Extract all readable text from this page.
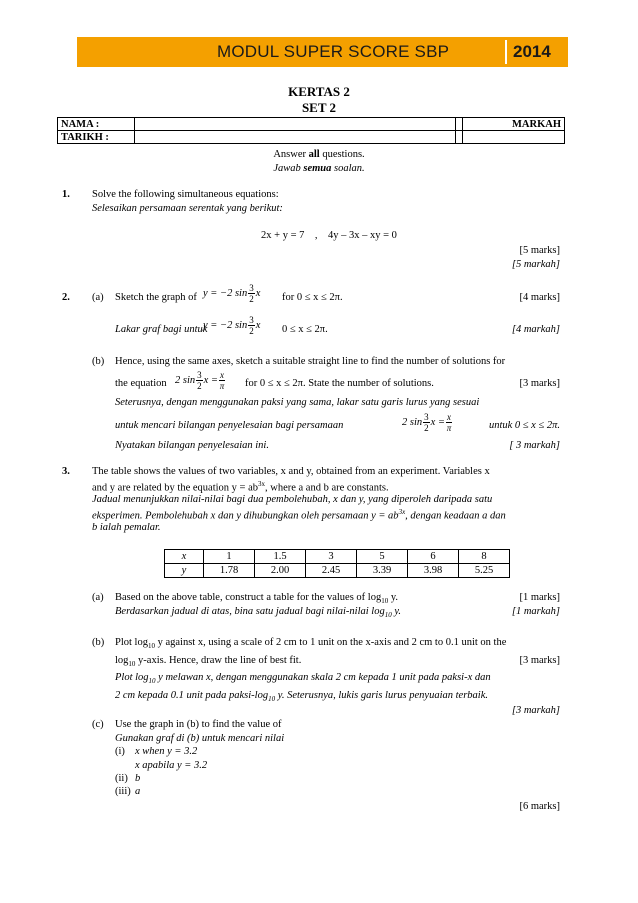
MODUL SUPER SCORE SBP	2014
KERTAS 2
SET 2
NAMA :			MARKAH
TARIKH :			
Answer all questions.
Jawab semua soalan.
1. Solve the following simultaneous equations:
Selesaikan persamaan serentak yang berikut:
2x + y = 7    ,    4y – 3x – xy = 0
[5 marks]
[5 markah]
2. (a) Sketch the graph of y = −2 $\sin \frac{3}{2}$ x for 0 ≤ x ≤ 2π.	[4 marks]
Lakar graf bagi untuk
y = −2 $\sin \frac{3}{2}$ x 0 ≤ x ≤ 2π.	[4 markah]
(b) Hence, using the same axes, sketch a suitable straight line to find the number of solutions for
the equation 2 $\sin \frac{3}{2}$ $x = \frac{x}{\pi}$ for 0 ≤ x ≤ 2π. State the number of solutions.	[3 marks]
Seterusnya, dengan menggunakan paksi yang sama, lakar satu garis lurus yang sesuai
untuk mencari bilangan penyelesaian bagi persamaan	2 $\sin \frac{3}{2}$ $x = \frac{x}{\pi}$	untuk 0 ≤ x ≤ 2π.
Nyatakan bilangan penyelesaian ini.	[ 3 markah]
3. The table shows the values of two variables, x and y, obtained from an experiment. Variables x
and y are related by the equation $y = ab^{3x}$, where a and b are constants.
Jadual menunjukkan nilai-nilai bagi dua pembolehubah, x dan y, yang diperoleh daripada satu
eksperimen. Pembolehubah x dan y dihubungkan oleh persamaan $y = ab^{3x}$, dengan keadaan a dan
b ialah pemalar.
x	1	1.5	3	5	6	8
y	1.78	2.00	2.45	3.39	3.98	5.25
(a) Based on the above table, construct a table for the values of $\log_{10} y$.	[1 marks]
Berdasarkan jadual di atas, bina satu jadual bagi nilai-nilai $\log_{10} y$.	[1 markah]
(b) Plot $\log_{10} y$ against x, using a scale of 2 cm to 1 unit on the x-axis and 2 cm to 0.1 unit on the
$\log_{10}$ y-axis. Hence, draw the line of best fit.	[3 marks]
Plot $\log_{10} y$ melawan x, dengan menggunakan skala 2 cm kepada 1 unit pada paksi-x dan
2 cm kepada 0.1 unit pada paksi-$\log_{10}$ y. Seterusnya, lukis garis lurus penyuaian terbaik.
[3 markah]
(c) Use the graph in (b) to find the value of
Gunakan graf di (b) untuk mencari nilai
(i) x when y = 3.2
x apabila y = 3.2
(ii) b
(iii) a
[6 marks]
